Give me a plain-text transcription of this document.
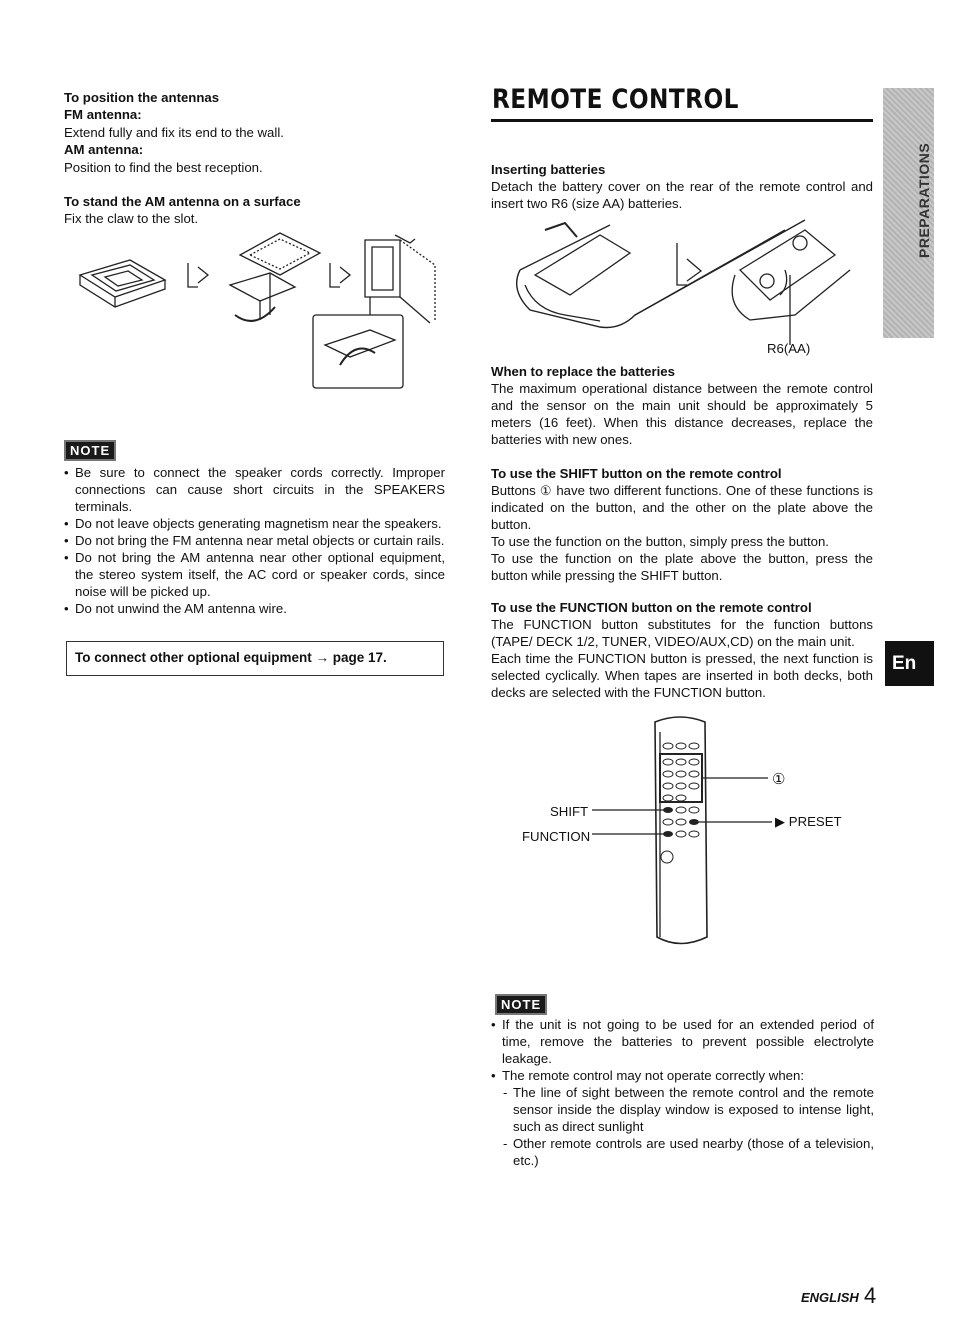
To position the antennas
FM antenna:
Extend fully and fix its end to the wall.
AM antenna:
Position to find the best reception.
To stand the AM antenna on a surface
Fix the claw to the slot.
NOTE
• Be sure to connect the speaker cords correctly. Improper connections can cause short circuits in the SPEAKERS terminals.
• Do not leave objects generating magnetism near the speakers.
• Do not bring the FM antenna near metal objects or curtain rails.
• Do not bring the AM antenna near other optional equipment, the stereo system itself, the AC cord or speaker cords, since noise will be picked up.
• Do not unwind the AM antenna wire.
To connect other optional equipment → page 17.
REMOTE CONTROL
Inserting batteries
Detach the battery cover on the rear of the remote control and insert two R6 (size AA) batteries.
R6(AA)
When to replace the batteries
The maximum operational distance between the remote control and the sensor on the main unit should be approximately 5 meters (16 feet). When this distance decreases, replace the batteries with new ones.
To use the SHIFT button on the remote control
Buttons ① have two different functions. One of these functions is indicated on the button, and the other on the plate above the button.
To use the function on the button, simply press the button.
To use the function on the plate above the button, press the button while pressing the SHIFT button.
To use the FUNCTION button on the remote control
The FUNCTION button substitutes for the function buttons (TAPE/ DECK 1/2, TUNER, VIDEO/AUX,CD) on the main unit.
Each time the FUNCTION button is pressed, the next function is selected cyclically. When tapes are inserted in both decks, both decks are selected with the FUNCTION button.
SHIFT
FUNCTION
①
▶ PRESET
NOTE
• If the unit is not going to be used for an extended period of time, remove the batteries to prevent possible electrolyte leakage.
• The remote control may not operate correctly when:
- The line of sight between the remote control and the remote sensor inside the display window is exposed to intense light, such as direct sunlight
- Other remote controls are used nearby (those of a television, etc.)
PREPARATIONS
En
ENGLISH 4
